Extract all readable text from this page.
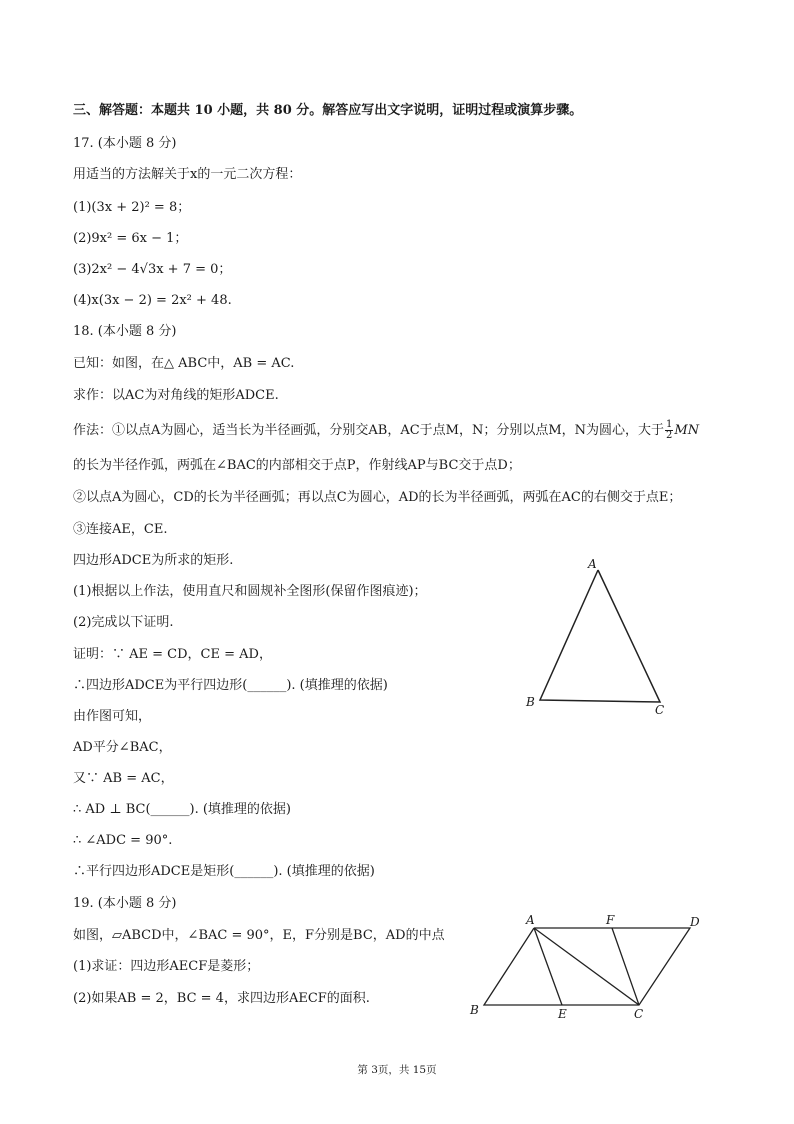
三、解答题：本题共 10 小题，共 80 分。解答应写出文字说明，证明过程或演算步骤。
17. (本小题 8 分)
用适当的方法解关于x的一元二次方程：
(1)(3x + 2)² = 8；
(2)9x² = 6x − 1；
(3)2x² − 4√3x + 7 = 0；
(4)x(3x − 2) = 2x² + 48.
18. (本小题 8 分)
已知：如图，在△ ABC中，AB = AC.
求作：以AC为对角线的矩形ADCE.
作法：①以点A为圆心，适当长为半径画弧，分别交AB，AC于点M，N；分别以点M，N为圆心，大于 $\frac{1}{2}$ MN
的长为半径作弧，两弧在∠BAC的内部相交于点P，作射线AP与BC交于点D；
②以点A为圆心，CD的长为半径画弧；再以点C为圆心，AD的长为半径画弧，两弧在AC的右侧交于点E；
③连接AE，CE.
四边形ADCE为所求的矩形.
(1)根据以上作法，使用直尺和圆规补全图形(保留作图痕迹)；
(2)完成以下证明.
证明：∵ AE = CD，CE = AD，
∴四边形ADCE为平行四边形(______). (填推理的依据)
由作图可知，
AD平分∠BAC，
又∵ AB = AC，
∴ AD ⊥ BC(______). (填推理的依据)
∴ ∠ADC = 90°.
∴平行四边形ADCE是矩形(______). (填推理的依据)
A
B
C
19. (本小题 8 分)
如图，▱ABCD中，∠BAC = 90°，E，F分别是BC，AD的中点
(1)求证：四边形AECF是菱形；
(2)如果AB = 2，BC = 4，求四边形AECF的面积.
A	F	D
B	E	C
第 3页，共 15页
